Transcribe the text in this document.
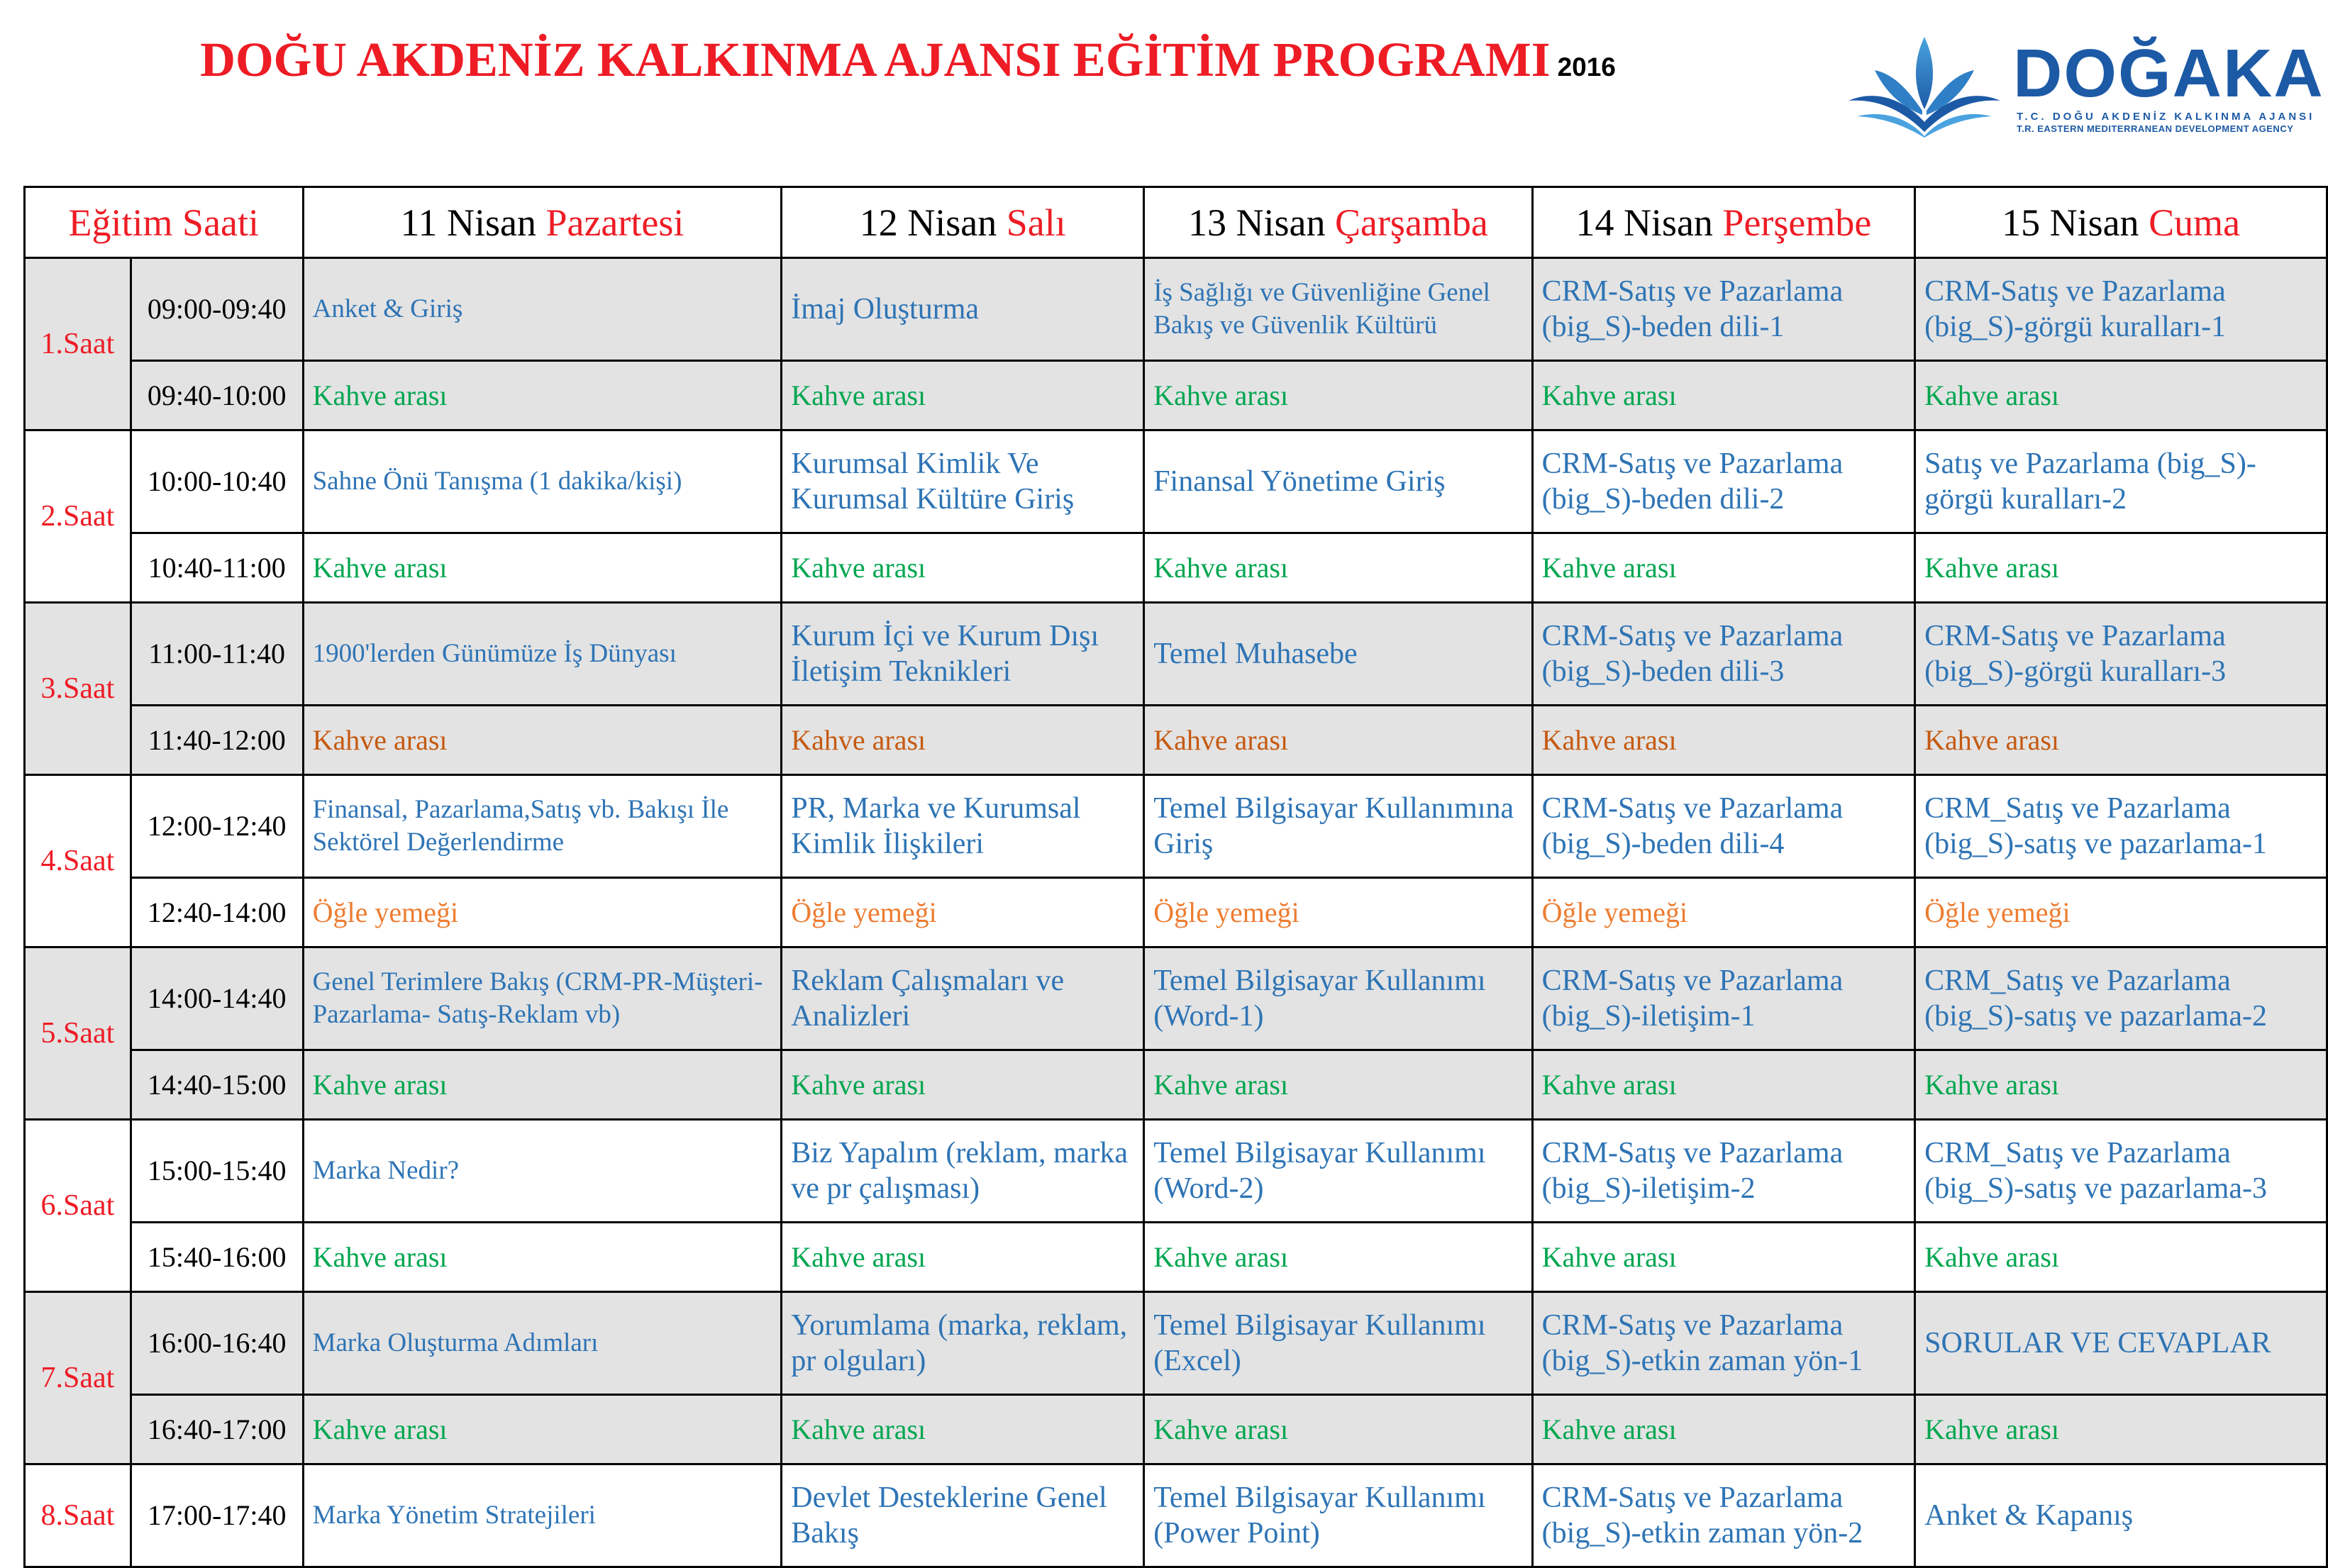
DOĞU AKDENİZ KALKINMA AJANSI EĞİTİM PROGRAMI 2016	DOĞAKA
T.C. DOĞU AKDENİZ KALKINMA AJANSI
T.R. EASTERN MEDITERRANEAN DEVELOPMENT AGENCY
Eğitim Saati		11 Nisan Pazartesi	12 Nisan Salı	13 Nisan Çarşamba	14 Nisan Perşembe	15 Nisan Cuma
1.Saat	09:00-09:40	Anket & Giriş	İmaj Oluşturma	İş Sağlığı ve Güvenliğine Genel Bakış ve Güvenlik Kültürü	CRM-Satış ve Pazarlama (big_S)-beden dili-1	CRM-Satış ve Pazarlama (big_S)-görgü kuralları-1
	09:40-10:00	Kahve arası	Kahve arası	Kahve arası	Kahve arası	Kahve arası
2.Saat	10:00-10:40	Sahne Önü Tanışma (1 dakika/kişi)	Kurumsal Kimlik Ve Kurumsal Kültüre Giriş	Finansal Yönetime Giriş	CRM-Satış ve Pazarlama (big_S)-beden dili-2	Satış ve Pazarlama (big_S)-görgü kuralları-2
	10:40-11:00	Kahve arası	Kahve arası	Kahve arası	Kahve arası	Kahve arası
3.Saat	11:00-11:40	1900'lerden Günümüze İş Dünyası	Kurum İçi ve Kurum Dışı İletişim Teknikleri	Temel Muhasebe	CRM-Satış ve Pazarlama (big_S)-beden dili-3	CRM-Satış ve Pazarlama (big_S)-görgü kuralları-3
	11:40-12:00	Kahve arası	Kahve arası	Kahve arası	Kahve arası	Kahve arası
4.Saat	12:00-12:40	Finansal, Pazarlama,Satış vb. Bakışı İle Sektörel Değerlendirme	PR, Marka ve Kurumsal Kimlik İlişkileri	Temel Bilgisayar Kullanımına Giriş	CRM-Satış ve Pazarlama (big_S)-beden dili-4	CRM_Satış ve Pazarlama (big_S)-satış ve pazarlama-1
	12:40-14:00	Öğle yemeği	Öğle yemeği	Öğle yemeği	Öğle yemeği	Öğle yemeği
5.Saat	14:00-14:40	Genel Terimlere Bakış (CRM-PR-Müşteri-Pazarlama- Satış-Reklam vb)	Reklam Çalışmaları ve Analizleri	Temel Bilgisayar Kullanımı (Word-1)	CRM-Satış ve Pazarlama (big_S)-iletişim-1	CRM_Satış ve Pazarlama (big_S)-satış ve pazarlama-2
	14:40-15:00	Kahve arası	Kahve arası	Kahve arası	Kahve arası	Kahve arası
6.Saat	15:00-15:40	Marka Nedir?	Biz Yapalım (reklam, marka ve pr çalışması)	Temel Bilgisayar Kullanımı (Word-2)	CRM-Satış ve Pazarlama (big_S)-iletişim-2	CRM_Satış ve Pazarlama (big_S)-satış ve pazarlama-3
	15:40-16:00	Kahve arası	Kahve arası	Kahve arası	Kahve arası	Kahve arası
7.Saat	16:00-16:40	Marka Oluşturma Adımları	Yorumlama (marka, reklam, pr olguları)	Temel Bilgisayar Kullanımı (Excel)	CRM-Satış ve Pazarlama (big_S)-etkin zaman yön-1	SORULAR VE CEVAPLAR
	16:40-17:00	Kahve arası	Kahve arası	Kahve arası	Kahve arası	Kahve arası
8.Saat	17:00-17:40	Marka Yönetim Stratejileri	Devlet Desteklerine Genel Bakış	Temel Bilgisayar Kullanımı (Power Point)	CRM-Satış ve Pazarlama (big_S)-etkin zaman yön-2	Anket & Kapanış
